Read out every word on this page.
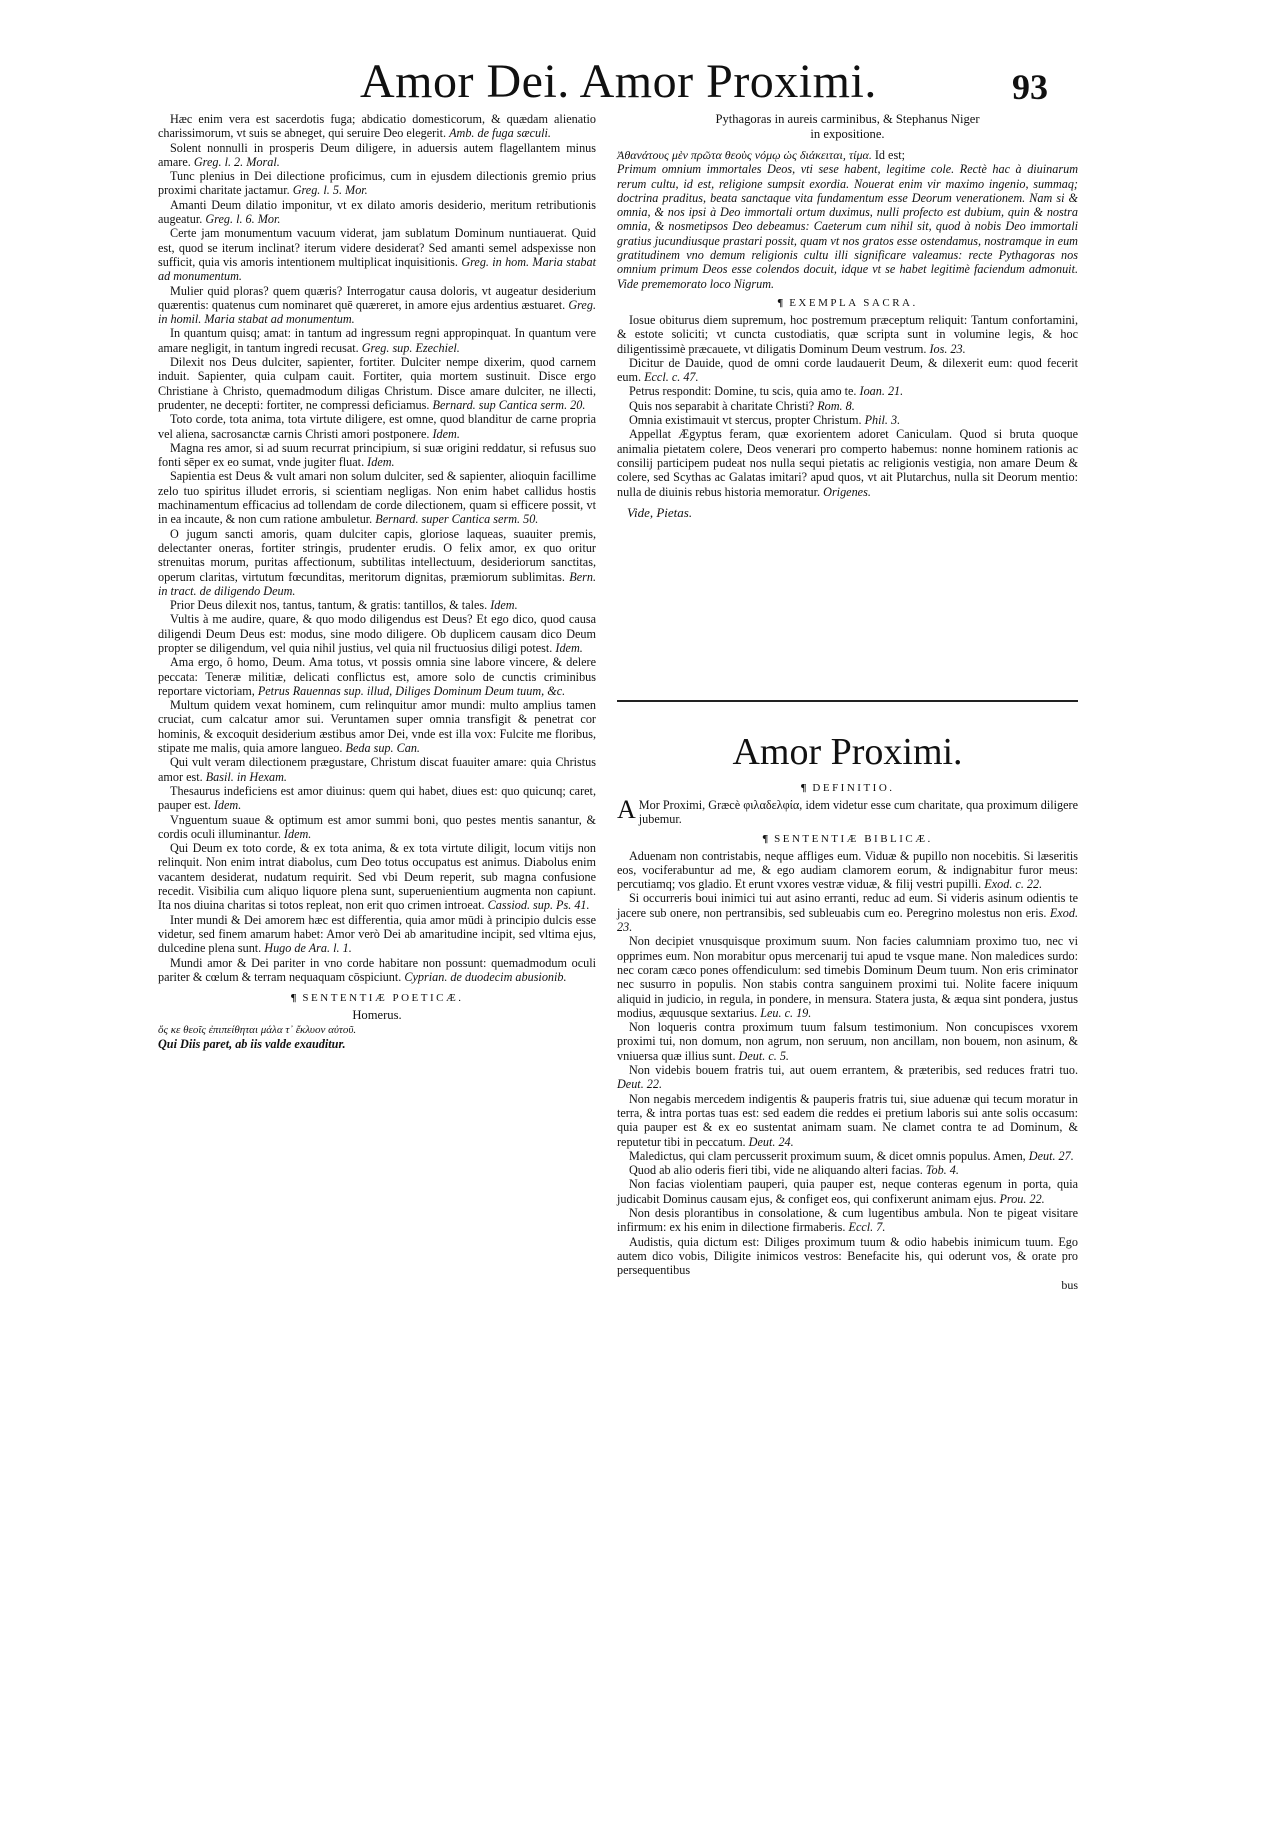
Amor Dei. Amor Proximi.	93

Hæc enim vera est sacerdotis fuga; abdicatio domesticorum, & quædam alienatio charissimorum, vt suis se abneget, qui seruire Deo elegerit. Amb. de fuga sæculi.

Solent nonnulli in prosperis Deum diligere, in aduersis autem flagellantem minus amare. Greg. l. 2. Moral.

Tunc plenius in Dei dilectione proficimus, cum in ejusdem dilectionis gremio prius proximi charitate jactamur. Greg. l. 5. Mor.

Amanti Deum dilatio imponitur, vt ex dilato amoris desiderio, meritum retributionis augeatur. Greg. l. 6. Mor.

Certe jam monumentum vacuum viderat, jam sublatum Dominum nuntiauerat. Quid est, quod se iterum inclinat? iterum videre desiderat? Sed amanti semel adspexisse non sufficit, quia vis amoris intentionem multiplicat inquisitionis. Greg. in hom. Maria stabat ad monumentum.

Mulier quid ploras? quem quæris? Interrogatur causa doloris, vt augeatur desiderium quærentis: quatenus cum nominaret quē quæreret, in amore ejus ardentius æstuaret. Greg. in homil. Maria stabat ad monumentum.

In quantum quisq; amat: in tantum ad ingressum regni appropinquat. In quantum vere amare negligit, in tantum ingredi recusat. Greg. sup. Ezechiel.

Dilexit nos Deus dulciter, sapienter, fortiter. Dulciter nempe dixerim, quod carnem induit. Sapienter, quia culpam cauit. Fortiter, quia mortem sustinuit. Disce ergo Christiane à Christo, quemadmodum diligas Christum. Disce amare dulciter, ne illecti, prudenter, ne decepti: fortiter, ne compressi deficiamus. Bernard. sup Cantica serm. 20.

Toto corde, tota anima, tota virtute diligere, est omne, quod blanditur de carne propria vel aliena, sacrosanctæ carnis Christi amori postponere. Idem.

Magna res amor, si ad suum recurrat principium, si suæ origini reddatur, si refusus suo fonti sēper ex eo sumat, vnde jugiter fluat. Idem.

Sapientia est Deus & vult amari non solum dulciter, sed & sapienter, alioquin facillime zelo tuo spiritus illudet erroris, si scientiam negligas. Non enim habet callidus hostis machinamentum efficacius ad tollendam de corde dilectionem, quam si efficere possit, vt in ea incaute, & non cum ratione ambuletur. Bernard. super Cantica serm. 50.

O jugum sancti amoris, quam dulciter capis, gloriose laqueas, suauiter premis, delectanter oneras, fortiter stringis, prudenter erudis. O felix amor, ex quo oritur strenuitas morum, puritas affectionum, subtilitas intellectuum, desideriorum sanctitas, operum claritas, virtutum fœcunditas, meritorum dignitas, præmiorum sublimitas. Bern. in tract. de diligendo Deum.

Prior Deus dilexit nos, tantus, tantum, & gratis: tantillos, & tales. Idem.

Vultis à me audire, quare, & quo modo diligendus est Deus? Et ego dico, quod causa diligendi Deum Deus est: modus, sine modo diligere. Ob duplicem causam dico Deum propter se diligendum, vel quia nihil justius, vel quia nil fructuosius diligi potest. Idem.

Ama ergo, ô homo, Deum. Ama totus, vt possis omnia sine labore vincere, & delere peccata: Teneræ militiæ, delicati conflictus est, amore solo de cunctis criminibus reportare victoriam, Petrus Rauennas sup. illud, Diliges Dominum Deum tuum, &c.

Multum quidem vexat hominem, cum relinquitur amor mundi: multo amplius tamen cruciat, cum calcatur amor sui. Veruntamen super omnia transfigit & penetrat cor hominis, & excoquit desiderium æstibus amor Dei, vnde est illa vox: Fulcite me floribus, stipate me malis, quia amore langueo. Beda sup. Can.

Qui vult veram dilectionem prægustare, Christum discat fuauiter amare: quia Christus amor est. Basil. in Hexam.

Thesaurus indeficiens est amor diuinus: quem qui habet, diues est: quo quicunq; caret, pauper est. Idem.

Vnguentum suaue & optimum est amor summi boni, quo pestes mentis sanantur, & cordis oculi illuminantur. Idem.

Qui Deum ex toto corde, & ex tota anima, & ex tota virtute diligit, locum vitijs non relinquit. Non enim intrat diabolus, cum Deo totus occupatus est animus. Diabolus enim vacantem desiderat, nudatum requirit. Sed vbi Deum reperit, sub magna confusione recedit. Visibilia cum aliquo liquore plena sunt, superuenientium augmenta non capiunt. Ita nos diuina charitas si totos repleat, non erit quo crimen introeat. Cassiod. sup. Ps. 41.

Inter mundi & Dei amorem hæc est differentia, quia amor mūdi à principio dulcis esse videtur, sed finem amarum habet: Amor verò Dei ab amaritudine incipit, sed vltima ejus, dulcedine plena sunt. Hugo de Ara. l. 1.

Mundi amor & Dei pariter in vno corde habitare non possunt: quemadmodum oculi pariter & cœlum & terram nequaquam cōspiciunt. Cyprian. de duodecim abusionib.

¶ SENTENTIÆ POETICÆ.

Homerus.

ὅς κε θεοῖς ἐπιπείθηται μάλα τ᾽ ἔκλυον αὐτοῦ.

Qui Diis paret, ab iis valde exauditur.

Pythagoras in aureis carminibus, & Stephanus Niger

in expositione.

Ἀθανάτους μὲν πρῶτα θεοὺς νόμῳ ὡς διάκειται, τίμα. Id est;

Primum omnium immortales Deos, vti sese habent, legitime cole. Rectè hac à diuinarum rerum cultu, id est, religione sumpsit exordia. Nouerat enim vir maximo ingenio, summaq; doctrina praditus, beata sanctaque vita fundamentum esse Deorum venerationem. Nam si & omnia, & nos ipsi à Deo immortali ortum duximus, nulli profecto est dubium, quin & nostra omnia, & nosmetipsos Deo debeamus: Caeterum cum nihil sit, quod à nobis Deo immortali gratius jucundiusque prastari possit, quam vt nos gratos esse ostendamus, nostramque in eum gratitudinem vno demum religionis cultu illi significare valeamus: recte Pythagoras nos omnium primum Deos esse colendos docuit, idque vt se habet legitimè faciendum admonuit. Vide prememorato loco Nigrum.

¶ EXEMPLA SACRA.

Iosue obiturus diem supremum, hoc postremum præceptum reliquit: Tantum confortamini, & estote soliciti; vt cuncta custodiatis, quæ scripta sunt in volumine legis, & hoc diligentissimè præcauete, vt diligatis Dominum Deum vestrum. Ios. 23.

Dicitur de Dauide, quod de omni corde laudauerit Deum, & dilexerit eum: quod fecerit eum. Eccl. c. 47.

Petrus respondit: Domine, tu scis, quia amo te. Ioan. 21.

Quis nos separabit à charitate Christi? Rom. 8.

Omnia existimauit vt stercus, propter Christum. Phil. 3.

Appellat Ægyptus feram, quæ exorientem adoret Caniculam. Quod si bruta quoque animalia pietatem colere, Deos venerari pro comperto habemus: nonne hominem rationis ac consilij participem pudeat nos nulla sequi pietatis ac religionis vestigia, non amare Deum & colere, sed Scythas ac Galatas imitari? apud quos, vt ait Plutarchus, nulla sit Deorum mentio: nulla de diuinis rebus historia memoratur. Origenes.

Vide, Pietas.
Amor Proximi.
¶ DEFINITIO.

A Mor Proximi, Græcè φιλαδελφία, idem videtur esse cum charitate, qua proximum diligere jubemur.

¶ SENTENTIÆ BIBLICÆ.

Aduenam non contristabis, neque affliges eum. Viduæ & pupillo non nocebitis. Si læseritis eos, vociferabuntur ad me, & ego audiam clamorem eorum, & indignabitur furor meus: percutiamq; vos gladio. Et erunt vxores vestræ viduæ, & filij vestri pupilli. Exod. c. 22.

Si occurreris boui inimici tui aut asino erranti, reduc ad eum. Si videris asinum odientis te jacere sub onere, non pertransibis, sed subleuabis cum eo. Peregrino molestus non eris. Exod. 23.

Non decipiet vnusquisque proximum suum. Non facies calumniam proximo tuo, nec vi opprimes eum. Non morabitur opus mercenarij tui apud te vsque mane. Non maledices surdo: nec coram cæco pones offendiculum: sed timebis Dominum Deum tuum. Non eris criminator nec susurro in populis. Non stabis contra sanguinem proximi tui. Nolite facere iniquum aliquid in judicio, in regula, in pondere, in mensura. Statera justa, & æqua sint pondera, justus modius, æquusque sextarius. Leu. c. 19.

Non loqueris contra proximum tuum falsum testimonium. Non concupisces vxorem proximi tui, non domum, non agrum, non seruum, non ancillam, non bouem, non asinum, & vniuersa quæ illius sunt. Deut. c. 5.

Non videbis bouem fratris tui, aut ouem errantem, & præteribis, sed reduces fratri tuo. Deut. 22.

Non negabis mercedem indigentis & pauperis fratris tui, siue aduenæ qui tecum moratur in terra, & intra portas tuas est: sed eadem die reddes ei pretium laboris sui ante solis occasum: quia pauper est & ex eo sustentat animam suam. Ne clamet contra te ad Dominum, & reputetur tibi in peccatum. Deut. 24.

Maledictus, qui clam percusserit proximum suum, & dicet omnis populus. Amen, Deut. 27.

Quod ab alio oderis fieri tibi, vide ne aliquando alteri facias. Tob. 4.

Non facias violentiam pauperi, quia pauper est, neque conteras egenum in porta, quia judicabit Dominus causam ejus, & configet eos, qui confixerunt animam ejus. Prou. 22.

Non desis plorantibus in consolatione, & cum lugentibus ambula. Non te pigeat visitare infirmum: ex his enim in dilectione firmaberis. Eccl. 7.

Audistis, quia dictum est: Diliges proximum tuum & odio habebis inimicum tuum. Ego autem dico vobis, Diligite inimicos vestros: Benefacite his, qui oderunt vos, & orate pro persequentibus

bus
